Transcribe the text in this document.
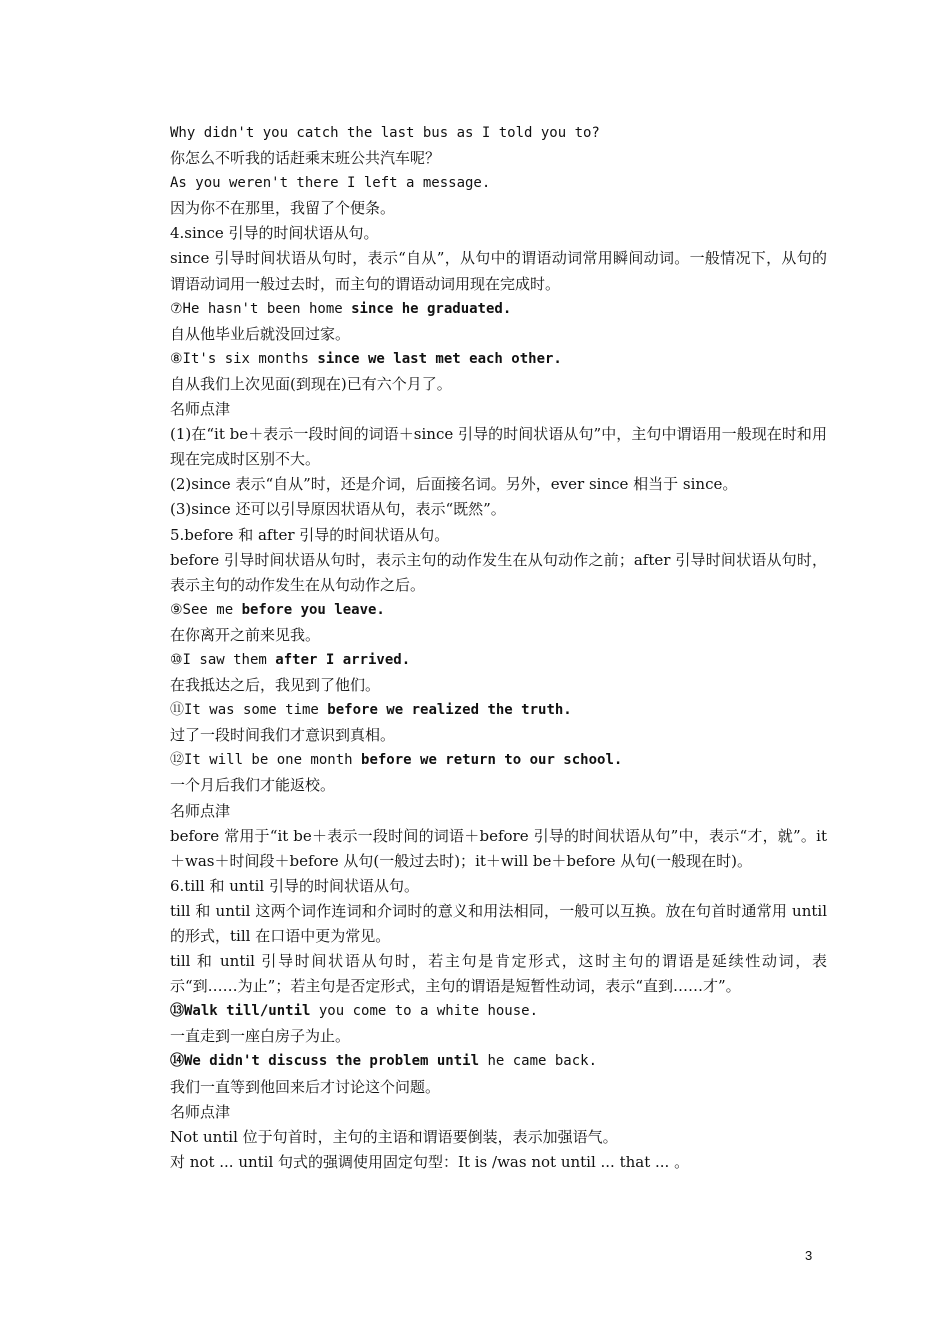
Why didn't you catch the last bus as I told you to?
你怎么不听我的话赶乘末班公共汽车呢？
As you weren't there I left a message.
因为你不在那里，我留了个便条。
4.since 引导的时间状语从句。
since 引导时间状语从句时，表示“自从”，从句中的谓语动词常用瞬间动词。一般情况下，从句的谓语动词用一般过去时，而主句的谓语动词用现在完成时。
⑦He hasn't been home since he graduated.
自从他毕业后就没回过家。
⑧It's six months since we last met each other.
自从我们上次见面(到现在)已有六个月了。
名师点津
(1)在“it be＋表示一段时间的词语＋since 引导的时间状语从句”中，主句中谓语用一般现在时和用现在完成时区别不大。
(2)since 表示“自从”时，还是介词，后面接名词。另外，ever since 相当于 since。
(3)since 还可以引导原因状语从句，表示“既然”。
5.before 和 after 引导的时间状语从句。
before 引导时间状语从句时，表示主句的动作发生在从句动作之前；after 引导时间状语从句时，表示主句的动作发生在从句动作之后。
⑨See me before you leave.
在你离开之前来见我。
⑩I saw them after I arrived.
在我抵达之后，我见到了他们。
⑪It was some time before we realized the truth.
过了一段时间我们才意识到真相。
⑫It will be one month before we return to our school.
一个月后我们才能返校。
名师点津
before 常用于“it be＋表示一段时间的词语＋before 引导的时间状语从句”中，表示“才，就”。it＋was＋时间段＋before 从句(一般过去时)；it＋will be＋before 从句(一般现在时)。
6.till 和 until 引导的时间状语从句。
till 和 until 这两个词作连词和介词时的意义和用法相同，一般可以互换。放在句首时通常用 until 的形式，till 在口语中更为常见。
till 和 until 引导时间状语从句时，若主句是肯定形式，这时主句的谓语是延续性动词，表示“到……为止”；若主句是否定形式，主句的谓语是短暂性动词，表示“直到……才”。
⑬Walk till/until you come to a white house.
一直走到一座白房子为止。
⑭We didn't discuss the problem until he came back.
我们一直等到他回来后才讨论这个问题。
名师点津
Not until 位于句首时，主句的主语和谓语要倒装，表示加强语气。
对 not ... until 句式的强调使用固定句型：It is /was not until ... that ... 。
3
